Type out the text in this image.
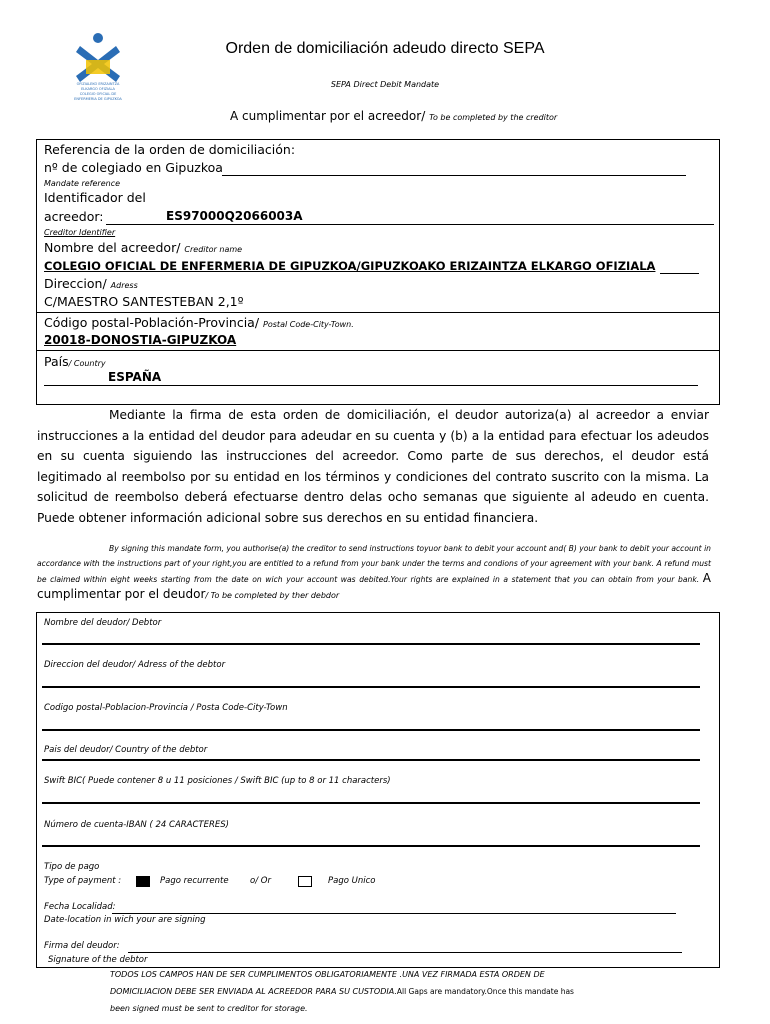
OFIZIALEKO ERIZAINTZA
ELKARGO OFIZIALA
COLEGIO OFICIAL DE
ENFERMERIA DE GIPUZKOA
Orden de domiciliación adeudo directo SEPA
SEPA Direct Debit Mandate
A cumplimentar por el acreedor/ To be completed by the creditor
Referencia de la orden de domiciliación:
nº de colegiado en Gipuzkoa
Mandate reference
Identificador del
acreedor:	ES97000Q2066003A
Creditor Identifier
Nombre del acreedor/ Creditor name
COLEGIO OFICIAL DE ENFERMERIA DE GIPUZKOA/GIPUZKOAKO ERIZAINTZA ELKARGO OFIZIALA
Direccion/ Adress
C/MAESTRO SANTESTEBAN 2,1º
Código postal-Población-Provincia/ Postal Code-City-Town.
20018-DONOSTIA-GIPUZKOA
País/ Country
ESPAÑA
Mediante la firma de esta orden de domiciliación, el deudor autoriza(a) al acreedor a enviar instrucciones a la entidad del deudor para adeudar en su cuenta y (b) a la entidad para efectuar los adeudos en su cuenta siguiendo las instrucciones del acreedor. Como parte de sus derechos, el deudor está legitimado al reembolso por su entidad en los términos y condiciones del contrato suscrito con la misma. La solicitud de reembolso deberá efectuarse dentro delas ocho semanas que siguiente al adeudo en cuenta. Puede obtener información adicional sobre sus derechos en su entidad financiera.
By signing this mandate form, you authorise(a) the creditor to send instructions toyuor bank to debit your account and( B) your bank to debit your account in accordance with the instructions part of your right,you are entitled to a refund from your bank under the terms and condions of your agreement with your bank. A refund must be claimed within eight weeks starting from the date on wich your account was debited.Your rights are explained in a statement that you can obtain from your bank. A cumplimentar por el deudor/ To be completed by ther debdor
Nombre del deudor/ Debtor
Direccion del deudor/ Adress of the debtor
Codigo postal-Poblacion-Provincia / Posta Code-City-Town
Pais del deudor/ Country of the debtor
Swift BIC( Puede contener 8 u 11 posiciones / Swift BIC (up to 8 or 11 characters)
Número de cuenta-IBAN ( 24 CARACTERES)
Tipo de pago
Type of payment :	Pago recurrente	o/ Or	Pago Unico
Fecha Localidad:
Date-location in wich your are signing
Firma del deudor:
Signature of the debtor
TODOS LOS CAMPOS HAN DE SER CUMPLIMENTOS OBLIGATORIAMENTE .UNA VEZ FIRMADA ESTA ORDEN DE
DOMICILIACION DEBE SER ENVIADA AL ACREEDOR PARA SU CUSTODIA.All Gaps are mandatory.Once this mandate has
been signed must be sent to creditor for storage.
